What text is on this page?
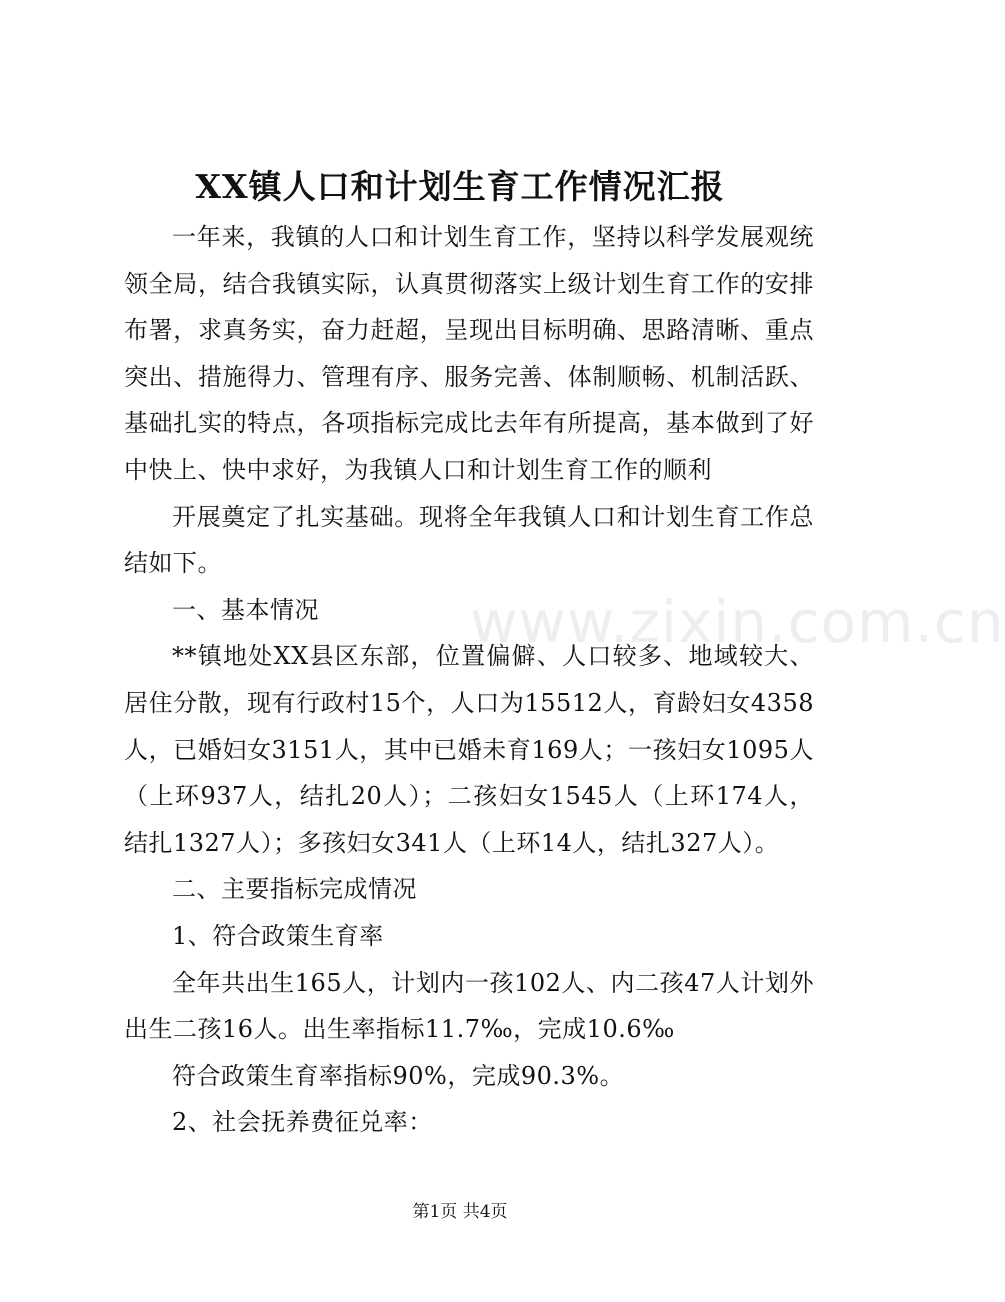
XX镇人口和计划生育工作情况汇报

一年来，我镇的人口和计划生育工作，坚持以科学发展观统领全局，结合我镇实际，认真贯彻落实上级计划生育工作的安排布署，求真务实，奋力赶超，呈现出目标明确、思路清晰、重点突出、措施得力、管理有序、服务完善、体制顺畅、机制活跃、基础扎实的特点，各项指标完成比去年有所提高，基本做到了好中快上、快中求好，为我镇人口和计划生育工作的顺利

开展奠定了扎实基础。现将全年我镇人口和计划生育工作总结如下。

一、基本情况

**镇地处XX县区东部，位置偏僻、人口较多、地域较大、居住分散，现有行政村15个，人口为15512人，育龄妇女4358人，已婚妇女3151人，其中已婚未育169人；一孩妇女1095人（上环937人，结扎20人）；二孩妇女1545人（上环174人，结扎1327人）；多孩妇女341人（上环14人，结扎327人）。

二、主要指标完成情况

1、符合政策生育率

全年共出生165人，计划内一孩102人、内二孩47人计划外出生二孩16人。出生率指标11.7‰，完成10.6‰

符合政策生育率指标90%，完成90.3%。

2、社会抚养费征兑率：

www.zixin.com.cn
第1页 共4页
